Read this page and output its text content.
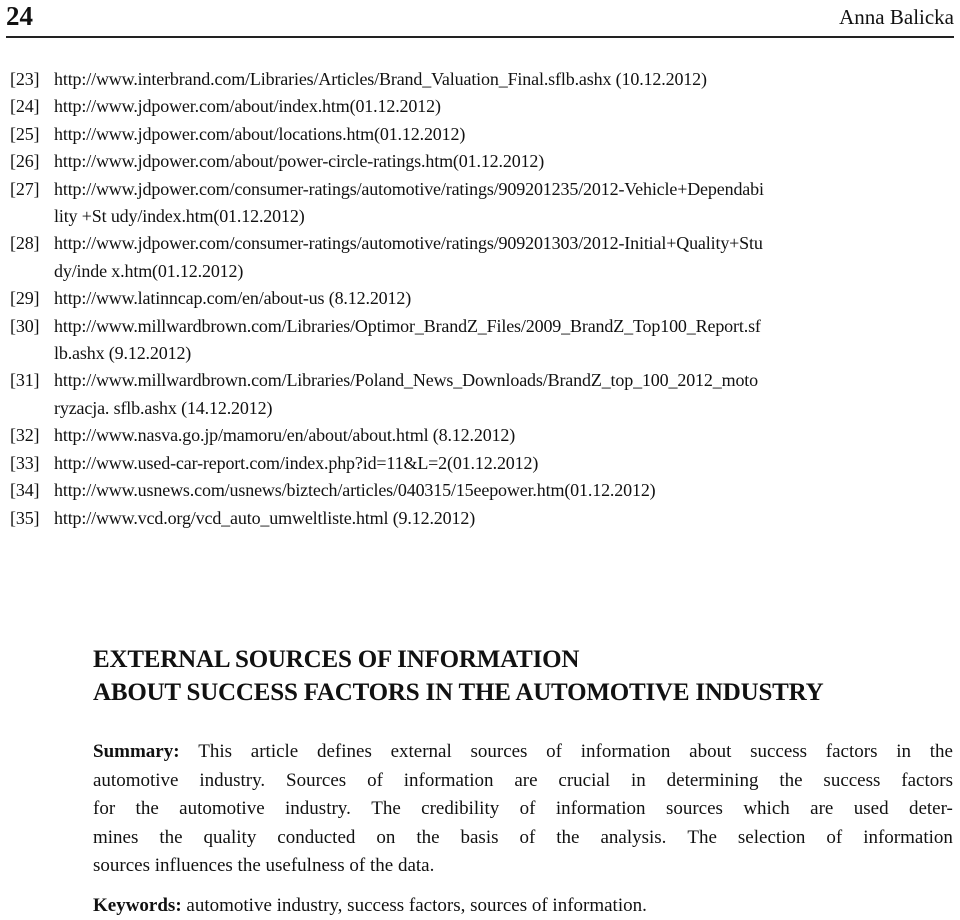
24	Anna Balicka
[23] http://www.interbrand.com/Libraries/Articles/Brand_Valuation_Final.sflb.ashx (10.12.2012)
[24] http://www.jdpower.com/about/index.htm(01.12.2012)
[25] http://www.jdpower.com/about/locations.htm(01.12.2012)
[26] http://www.jdpower.com/about/power-circle-ratings.htm(01.12.2012)
[27] http://www.jdpower.com/consumer-ratings/automotive/ratings/909201235/2012-Vehicle+Dependabi
lity +St udy/index.htm(01.12.2012)
[28] http://www.jdpower.com/consumer-ratings/automotive/ratings/909201303/2012-Initial+Quality+Stu
dy/inde x.htm(01.12.2012)
[29] http://www.latinncap.com/en/about-us (8.12.2012)
[30] http://www.millwardbrown.com/Libraries/Optimor_BrandZ_Files/2009_BrandZ_Top100_Report.sf
lb.ashx (9.12.2012)
[31] http://www.millwardbrown.com/Libraries/Poland_News_Downloads/BrandZ_top_100_2012_moto
ryzacja. sflb.ashx (14.12.2012)
[32] http://www.nasva.go.jp/mamoru/en/about/about.html (8.12.2012)
[33] http://www.used-car-report.com/index.php?id=11&L=2(01.12.2012)
[34] http://www.usnews.com/usnews/biztech/articles/040315/15eepower.htm(01.12.2012)
[35] http://www.vcd.org/vcd_auto_umweltliste.html (9.12.2012)
EXTERNAL SOURCES OF INFORMATION
ABOUT SUCCESS FACTORS IN THE AUTOMOTIVE INDUSTRY
Summary: This article defines external sources of information about success factors in the
automotive industry. Sources of information are crucial in determining the success factors
for the automotive industry. The credibility of information sources which are used deter-
mines the quality conducted on the basis of the analysis. The selection of information
sources influences the usefulness of the data.
Keywords: automotive industry, success factors, sources of information.
